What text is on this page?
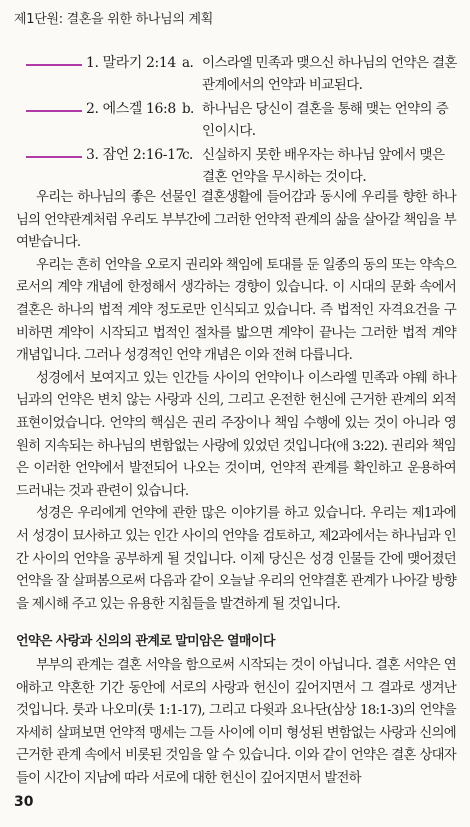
제1단원: 결혼을 위한 하나님의 계획
1. 말라기 2:14 a. 이스라엘 민족과 맺으신 하나님의 언약은 결혼관계에서의 언약과 비교된다.
2. 에스겔 16:8 b. 하나님은 당신이 결혼을 통해 맺는 언약의 증인이시다.
3. 잠언 2:16-17
c. 신실하지 못한 배우자는 하나님 앞에서 맺은 결혼 언약을 무시하는 것이다.

우리는 하나님의 좋은 선물인 결혼생활에 들어감과 동시에 우리를 향한 하나님의 언약관계처럼 우리도 부부간에 그러한 언약적 관계의 삶을 살아갈 책임을 부여받습니다.

우리는 흔히 언약을 오로지 권리와 책임에 토대를 둔 일종의 동의 또는 약속으로서의 계약 개념에 한정해서 생각하는 경향이 있습니다. 이 시대의 문화 속에서 결혼은 하나의 법적 계약 정도로만 인식되고 있습니다. 즉 법적인 자격요건을 구비하면 계약이 시작되고 법적인 절차를 밟으면 계약이 끝나는 그러한 법적 계약 개념입니다. 그러나 성경적인 언약 개념은 이와 전혀 다릅니다.

성경에서 보여지고 있는 인간들 사이의 언약이나 이스라엘 민족과 야웨 하나님과의 언약은 변치 않는 사랑과 신의, 그리고 온전한 헌신에 근거한 관계의 외적 표현이었습니다. 언약의 핵심은 권리 주장이나 책임 수행에 있는 것이 아니라 영원히 지속되는 하나님의 변함없는 사랑에 있었던 것입니다(애 3:22). 권리와 책임은 이러한 언약에서 발전되어 나오는 것이며, 언약적 관계를 확인하고 운용하여 드러내는 것과 관련이 있습니다.

성경은 우리에게 언약에 관한 많은 이야기를 하고 있습니다. 우리는 제1과에서 성경이 묘사하고 있는 인간 사이의 언약을 검토하고, 제2과에서는 하나님과 인간 사이의 언약을 공부하게 될 것입니다. 이제 당신은 성경 인물들 간에 맺어졌던 언약을 잘 살펴봄으로써 다음과 같이 오늘날 우리의 언약결혼 관계가 나아갈 방향을 제시해 주고 있는 유용한 지침들을 발견하게 될 것입니다.

언약은 사랑과 신의의 관계로 말미암은 열매이다

부부의 관계는 결혼 서약을 함으로써 시작되는 것이 아닙니다. 결혼 서약은 연애하고 약혼한 기간 동안에 서로의 사랑과 헌신이 깊어지면서 그 결과로 생겨난 것입니다. 룻과 나오미(룻 1:1-17), 그리고 다윗과 요나단(삼상 18:1-3)의 언약을 자세히 살펴보면 언약적 맹세는 그들 사이에 이미 형성된 변함없는 사랑과 신의에 근거한 관계 속에서 비롯된 것임을 알 수 있습니다. 이와 같이 언약은 결혼 상대자들이 시간이 지남에 따라 서로에 대한 헌신이 깊어지면서 발전하

30
